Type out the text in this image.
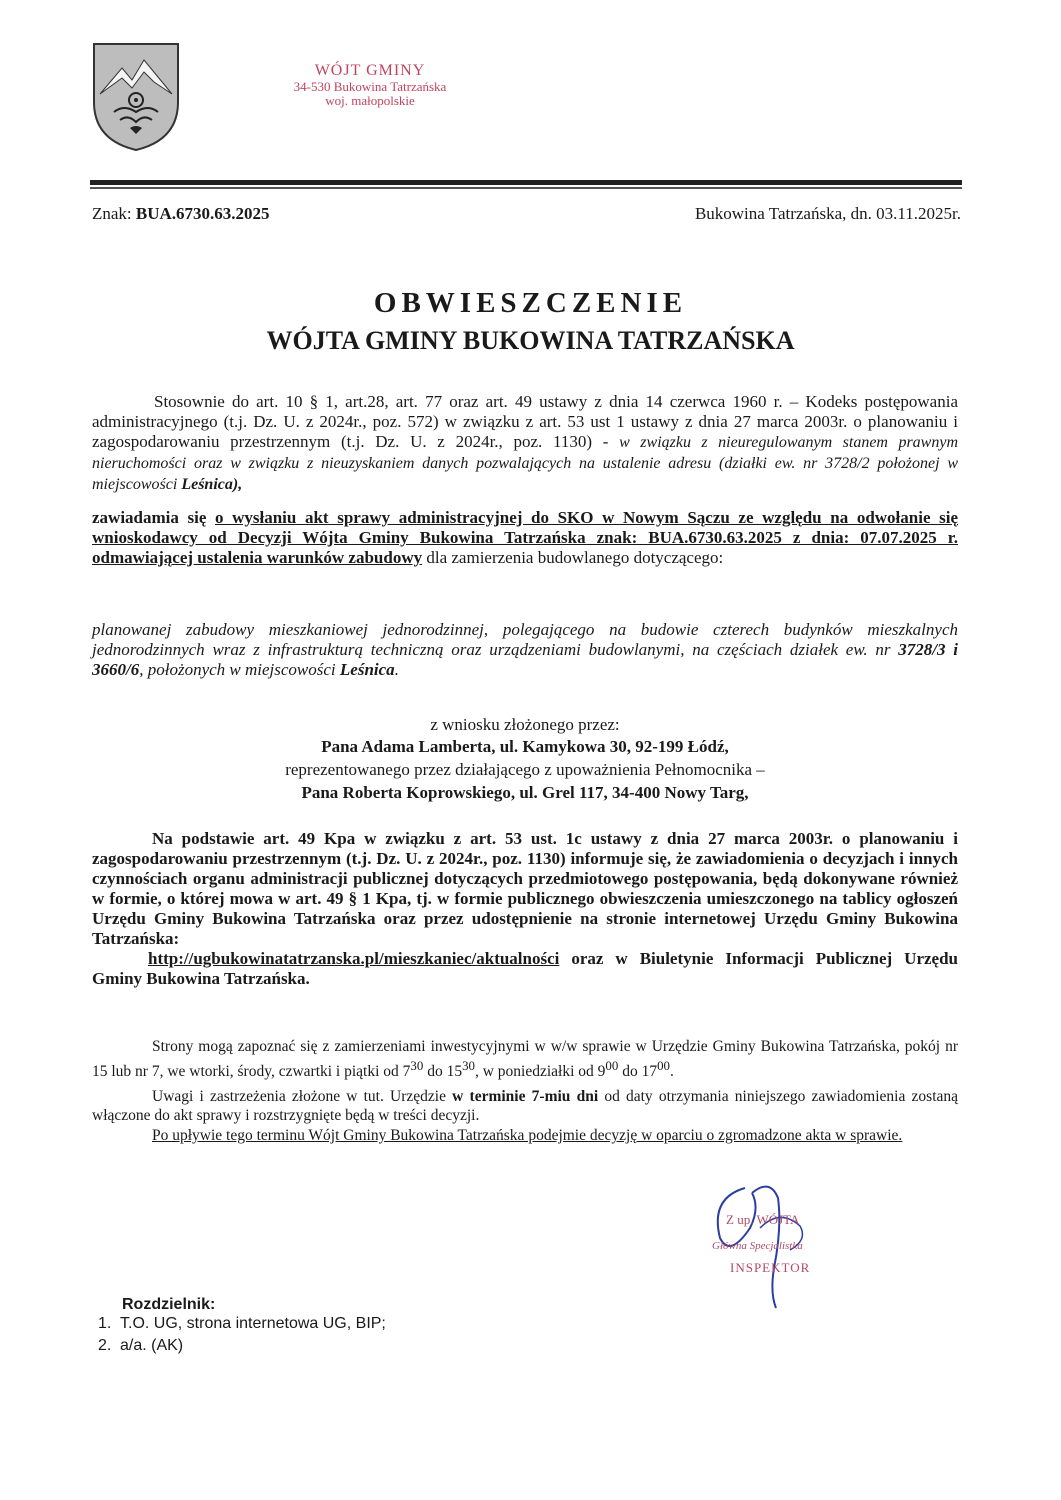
WÓJT GMINY
34-530 Bukowina Tatrzańska
woj. małopolskie
Znak: BUA.6730.63.2025	Bukowina Tatrzańska, dn. 03.11.2025r.
OBWIESZCZENIE
WÓJTA GMINY BUKOWINA TATRZAŃSKA

Stosownie do art. 10 § 1, art.28, art. 77 oraz art. 49 ustawy z dnia 14 czerwca 1960 r. – Kodeks postępowania administracyjnego (t.j. Dz. U. z 2024r., poz. 572) w związku z art. 53 ust 1 ustawy z dnia 27 marca 2003r. o planowaniu i zagospodarowaniu przestrzennym (t.j. Dz. U. z 2024r., poz. 1130) - w związku z nieuregulowanym stanem prawnym nieruchomości oraz w związku z nieuzyskaniem danych pozwalających na ustalenie adresu (działki ew. nr 3728/2 położonej w miejscowości Leśnica),

zawiadamia się o wysłaniu akt sprawy administracyjnej do SKO w Nowym Sączu ze względu na odwołanie się wnioskodawcy od Decyzji Wójta Gminy Bukowina Tatrzańska znak: BUA.6730.63.2025 z dnia: 07.07.2025 r. odmawiającej ustalenia warunków zabudowy dla zamierzenia budowlanego dotyczącego:

planowanej zabudowy mieszkaniowej jednorodzinnej, polegającego na budowie czterech budynków mieszkalnych jednorodzinnych wraz z infrastrukturą techniczną oraz urządzeniami budowlanymi, na częściach działek ew. nr 3728/3 i 3660/6, położonych w miejscowości Leśnica.

z wniosku złożonego przez:
Pana Adama Lamberta, ul. Kamykowa 30, 92-199 Łódź,
reprezentowanego przez działającego z upoważnienia Pełnomocnika –
Pana Roberta Koprowskiego, ul. Grel 117, 34-400 Nowy Targ,

Na podstawie art. 49 Kpa w związku z art. 53 ust. 1c ustawy z dnia 27 marca 2003r. o planowaniu i zagospodarowaniu przestrzennym (t.j. Dz. U. z 2024r., poz. 1130) informuje się, że zawiadomienia o decyzjach i innych czynnościach organu administracji publicznej dotyczących przedmiotowego postępowania, będą dokonywane również w formie, o której mowa w art. 49 § 1 Kpa, tj. w formie publicznego obwieszczenia umieszczonego na tablicy ogłoszeń Urzędu Gminy Bukowina Tatrzańska oraz przez udostępnienie na stronie internetowej Urzędu Gminy Bukowina Tatrzańska:
http://ugbukowinatatrzanska.pl/mieszkaniec/aktualności oraz w Biuletynie Informacji Publicznej Urzędu Gminy Bukowina Tatrzańska.

Strony mogą zapoznać się z zamierzeniami inwestycyjnymi w w/w sprawie w Urzędzie Gminy Bukowina Tatrzańska, pokój nr 15 lub nr 7, we wtorki, środy, czwartki i piątki od $7^{30}$ do $15^{30}$, w poniedziałki od $9^{00}$ do $17^{00}$.

Uwagi i zastrzeżenia złożone w tut. Urzędzie w terminie 7-miu dni od daty otrzymania niniejszego zawiadomienia zostaną włączone do akt sprawy i rozstrzygnięte będą w treści decyzji.

Po upływie tego terminu Wójt Gminy Bukowina Tatrzańska podejmie decyzję w oparciu o zgromadzone akta w sprawie.

Z up. WÓJTA
Główna Specjalistka
INSPEKTOR
Rozdzielnik:
1. T.O. UG, strona internetowa UG, BIP;
2. a/a. (AK)
